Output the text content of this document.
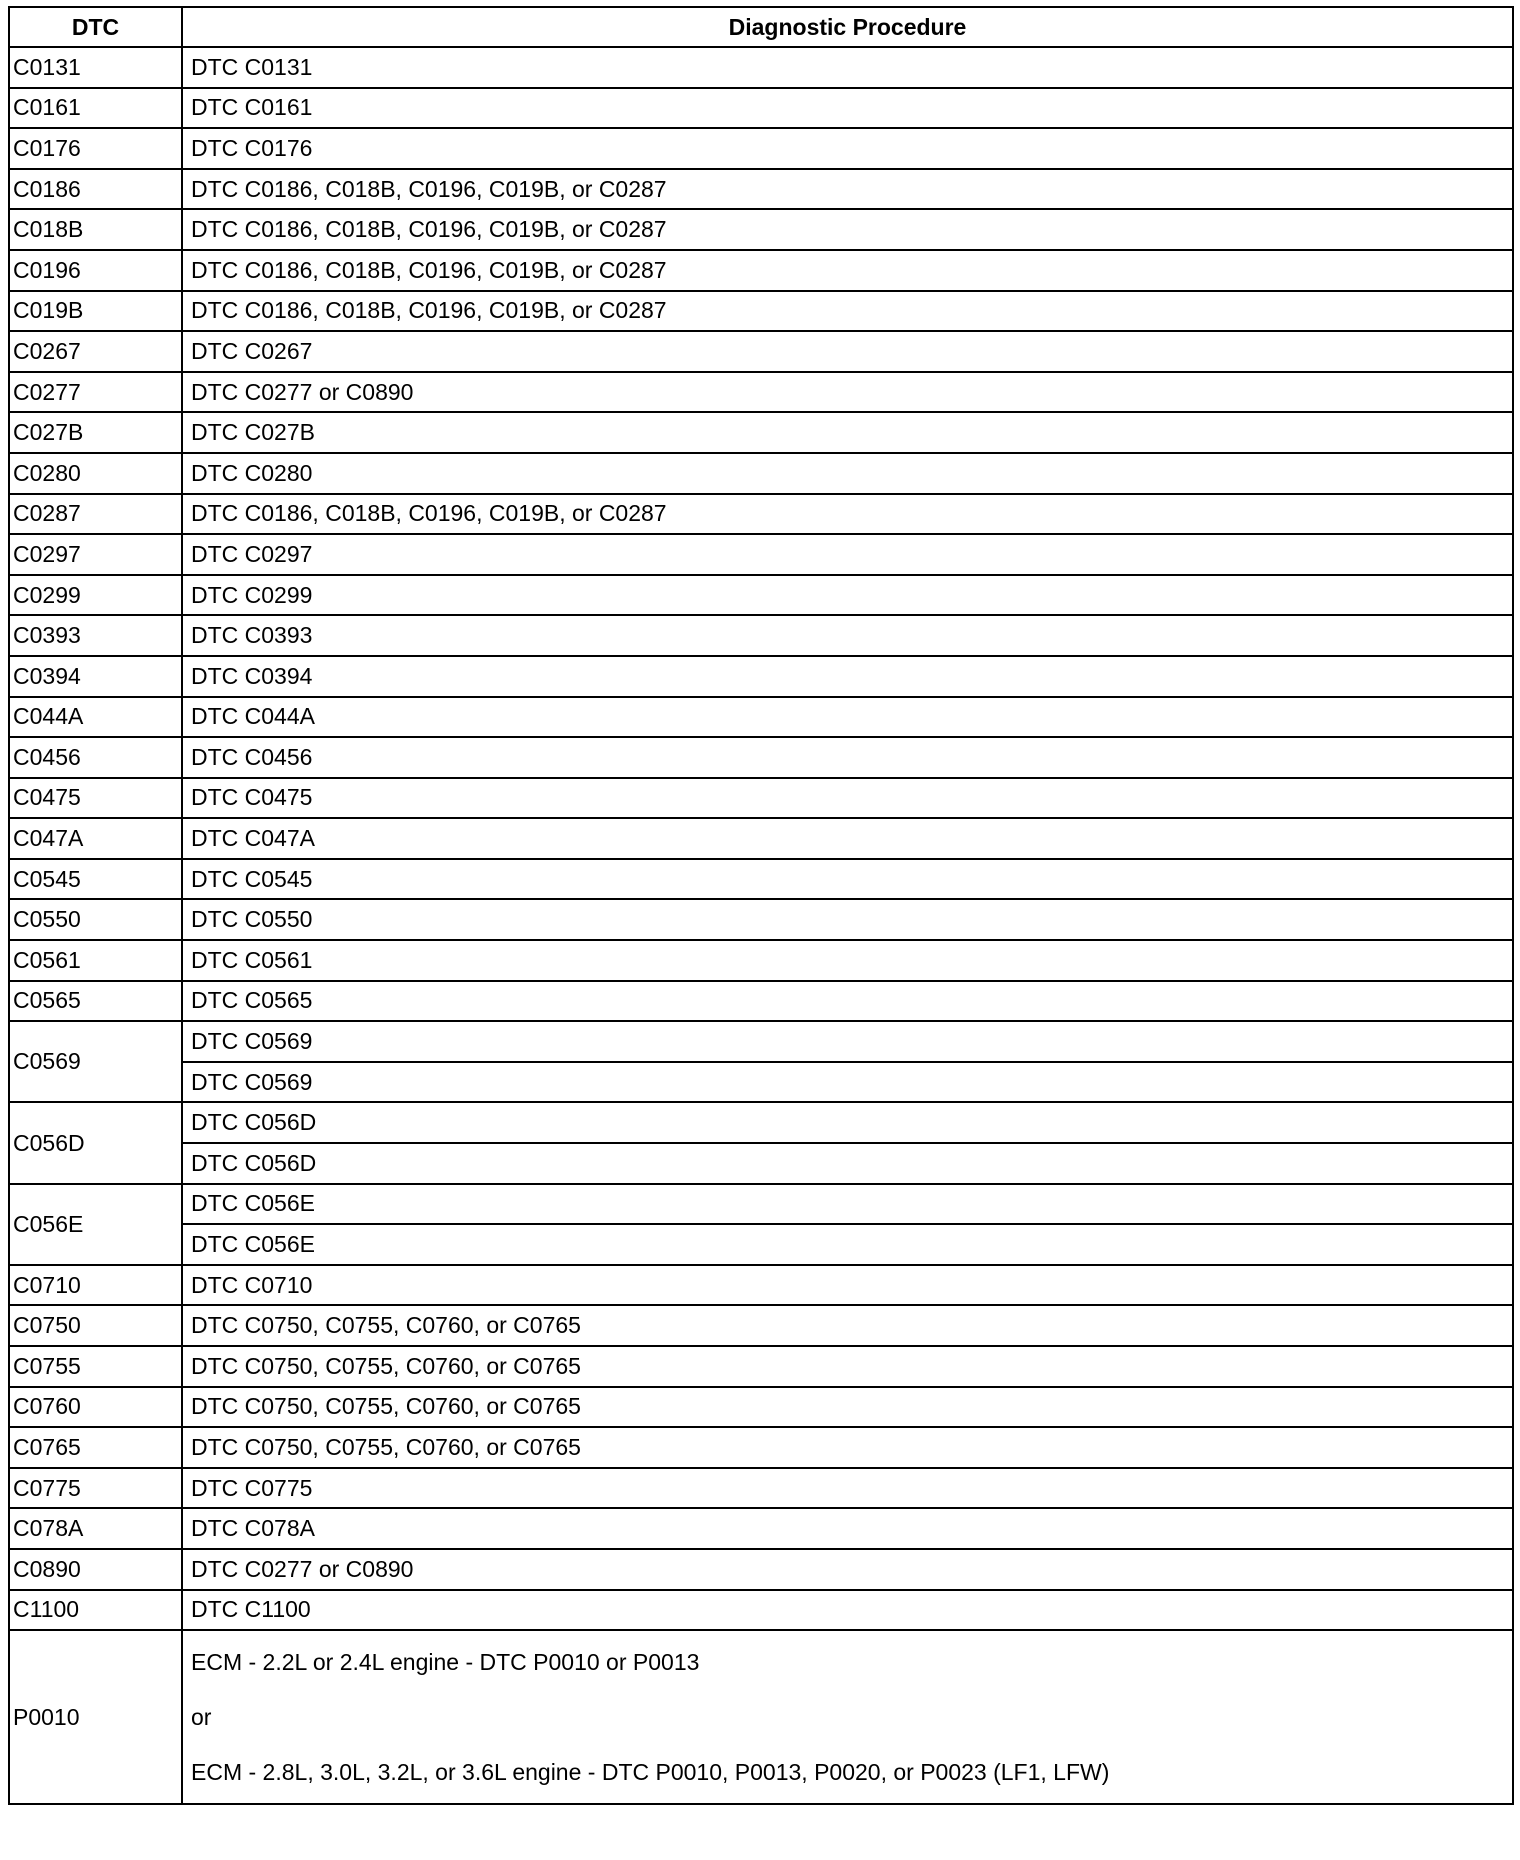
DTC	Diagnostic Procedure
C0131	DTC C0131
C0161	DTC C0161
C0176	DTC C0176
C0186	DTC C0186, C018B, C0196, C019B, or C0287
C018B	DTC C0186, C018B, C0196, C019B, or C0287
C0196	DTC C0186, C018B, C0196, C019B, or C0287
C019B	DTC C0186, C018B, C0196, C019B, or C0287
C0267	DTC C0267
C0277	DTC C0277 or C0890
C027B	DTC C027B
C0280	DTC C0280
C0287	DTC C0186, C018B, C0196, C019B, or C0287
C0297	DTC C0297
C0299	DTC C0299
C0393	DTC C0393
C0394	DTC C0394
C044A	DTC C044A
C0456	DTC C0456
C0475	DTC C0475
C047A	DTC C047A
C0545	DTC C0545
C0550	DTC C0550
C0561	DTC C0561
C0565	DTC C0565
C0569	DTC C0569
	DTC C0569
C056D	DTC C056D
	DTC C056D
C056E	DTC C056E
	DTC C056E
C0710	DTC C0710
C0750	DTC C0750, C0755, C0760, or C0765
C0755	DTC C0750, C0755, C0760, or C0765
C0760	DTC C0750, C0755, C0760, or C0765
C0765	DTC C0750, C0755, C0760, or C0765
C0775	DTC C0775
C078A	DTC C078A
C0890	DTC C0277 or C0890
C1100	DTC C1100
P0010	ECM - 2.2L or 2.4L engine - DTC P0010 or P0013
or
ECM - 2.8L, 3.0L, 3.2L, or 3.6L engine - DTC P0010, P0013, P0020, or P0023 (LF1, LFW)
